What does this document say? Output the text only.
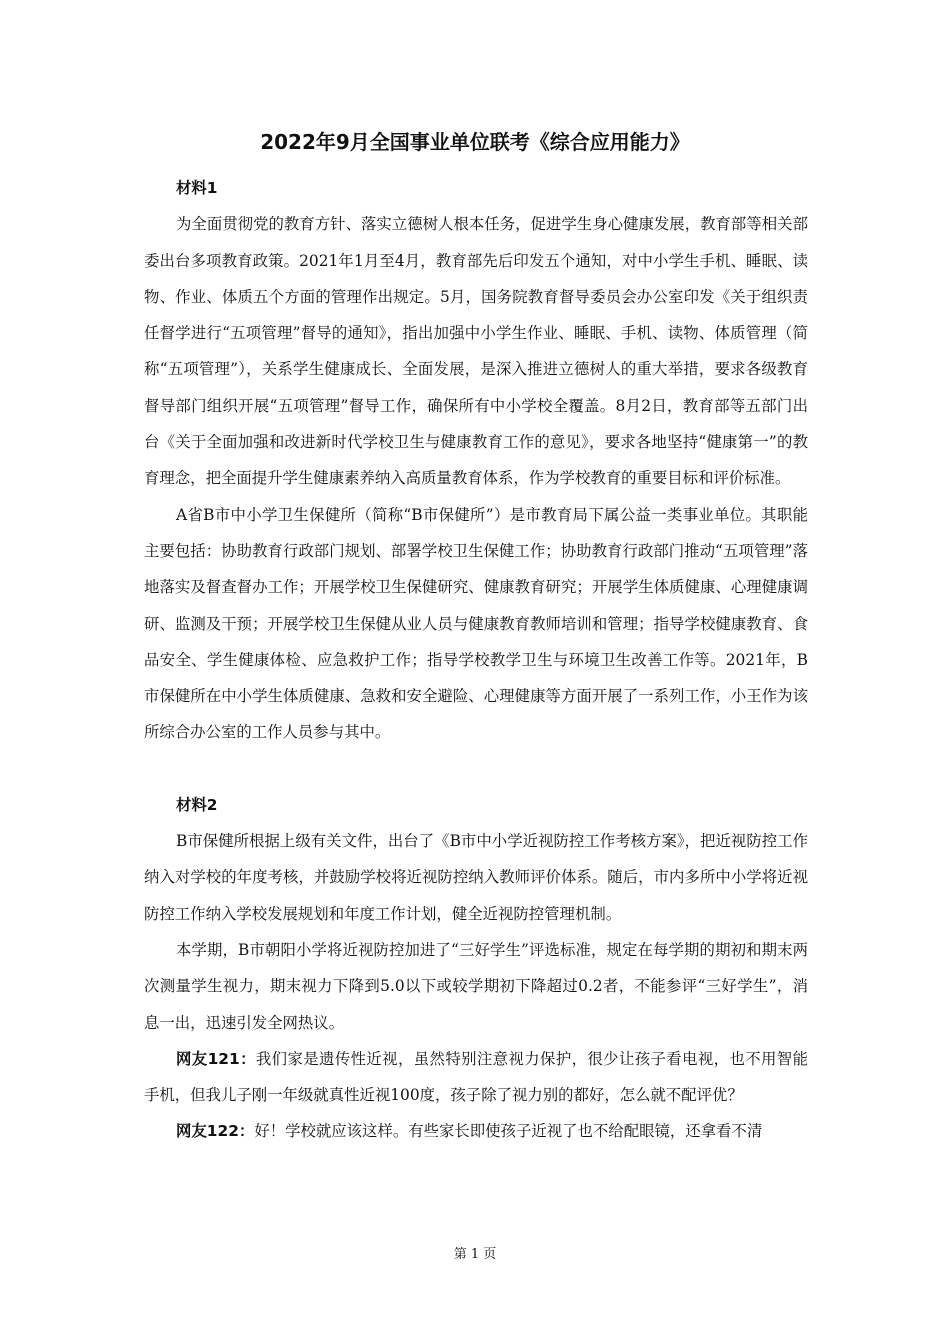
2022年9月全国事业单位联考《综合应用能力》

材料1

为全面贯彻党的教育方针、落实立德树人根本任务，促进学生身心健康发展，教育部等相关部委出台多项教育政策。2021年1月至4月，教育部先后印发五个通知，对中小学生手机、睡眠、读物、作业、体质五个方面的管理作出规定。5月，国务院教育督导委员会办公室印发《关于组织责任督学进行“五项管理”督导的通知》，指出加强中小学生作业、睡眠、手机、读物、体质管理（简称“五项管理”），关系学生健康成长、全面发展，是深入推进立德树人的重大举措，要求各级教育督导部门组织开展“五项管理”督导工作，确保所有中小学校全覆盖。8月2日，教育部等五部门出台《关于全面加强和改进新时代学校卫生与健康教育工作的意见》，要求各地坚持“健康第一”的教育理念，把全面提升学生健康素养纳入高质量教育体系，作为学校教育的重要目标和评价标准。

A省B市中小学卫生保健所（简称“B市保健所”）是市教育局下属公益一类事业单位。其职能主要包括：协助教育行政部门规划、部署学校卫生保健工作；协助教育行政部门推动“五项管理”落地落实及督查督办工作；开展学校卫生保健研究、健康教育研究；开展学生体质健康、心理健康调研、监测及干预；开展学校卫生保健从业人员与健康教育教师培训和管理；指导学校健康教育、食品安全、学生健康体检、应急救护工作；指导学校教学卫生与环境卫生改善工作等。2021年，B市保健所在中小学生体质健康、急救和安全避险、心理健康等方面开展了一系列工作，小王作为该所综合办公室的工作人员参与其中。

材料2

B市保健所根据上级有关文件，出台了《B市中小学近视防控工作考核方案》，把近视防控工作纳入对学校的年度考核，并鼓励学校将近视防控纳入教师评价体系。随后，市内多所中小学将近视防控工作纳入学校发展规划和年度工作计划，健全近视防控管理机制。

本学期，B市朝阳小学将近视防控加进了“三好学生”评选标准，规定在每学期的期初和期末两次测量学生视力，期末视力下降到5.0以下或较学期初下降超过0.2者，不能参评“三好学生”，消息一出，迅速引发全网热议。

网友121：我们家是遗传性近视，虽然特别注意视力保护，很少让孩子看电视，也不用智能手机，但我儿子刚一年级就真性近视100度，孩子除了视力别的都好，怎么就不配评优？

网友122：好！学校就应该这样。有些家长即使孩子近视了也不给配眼镜，还拿看不清

第 1 页
